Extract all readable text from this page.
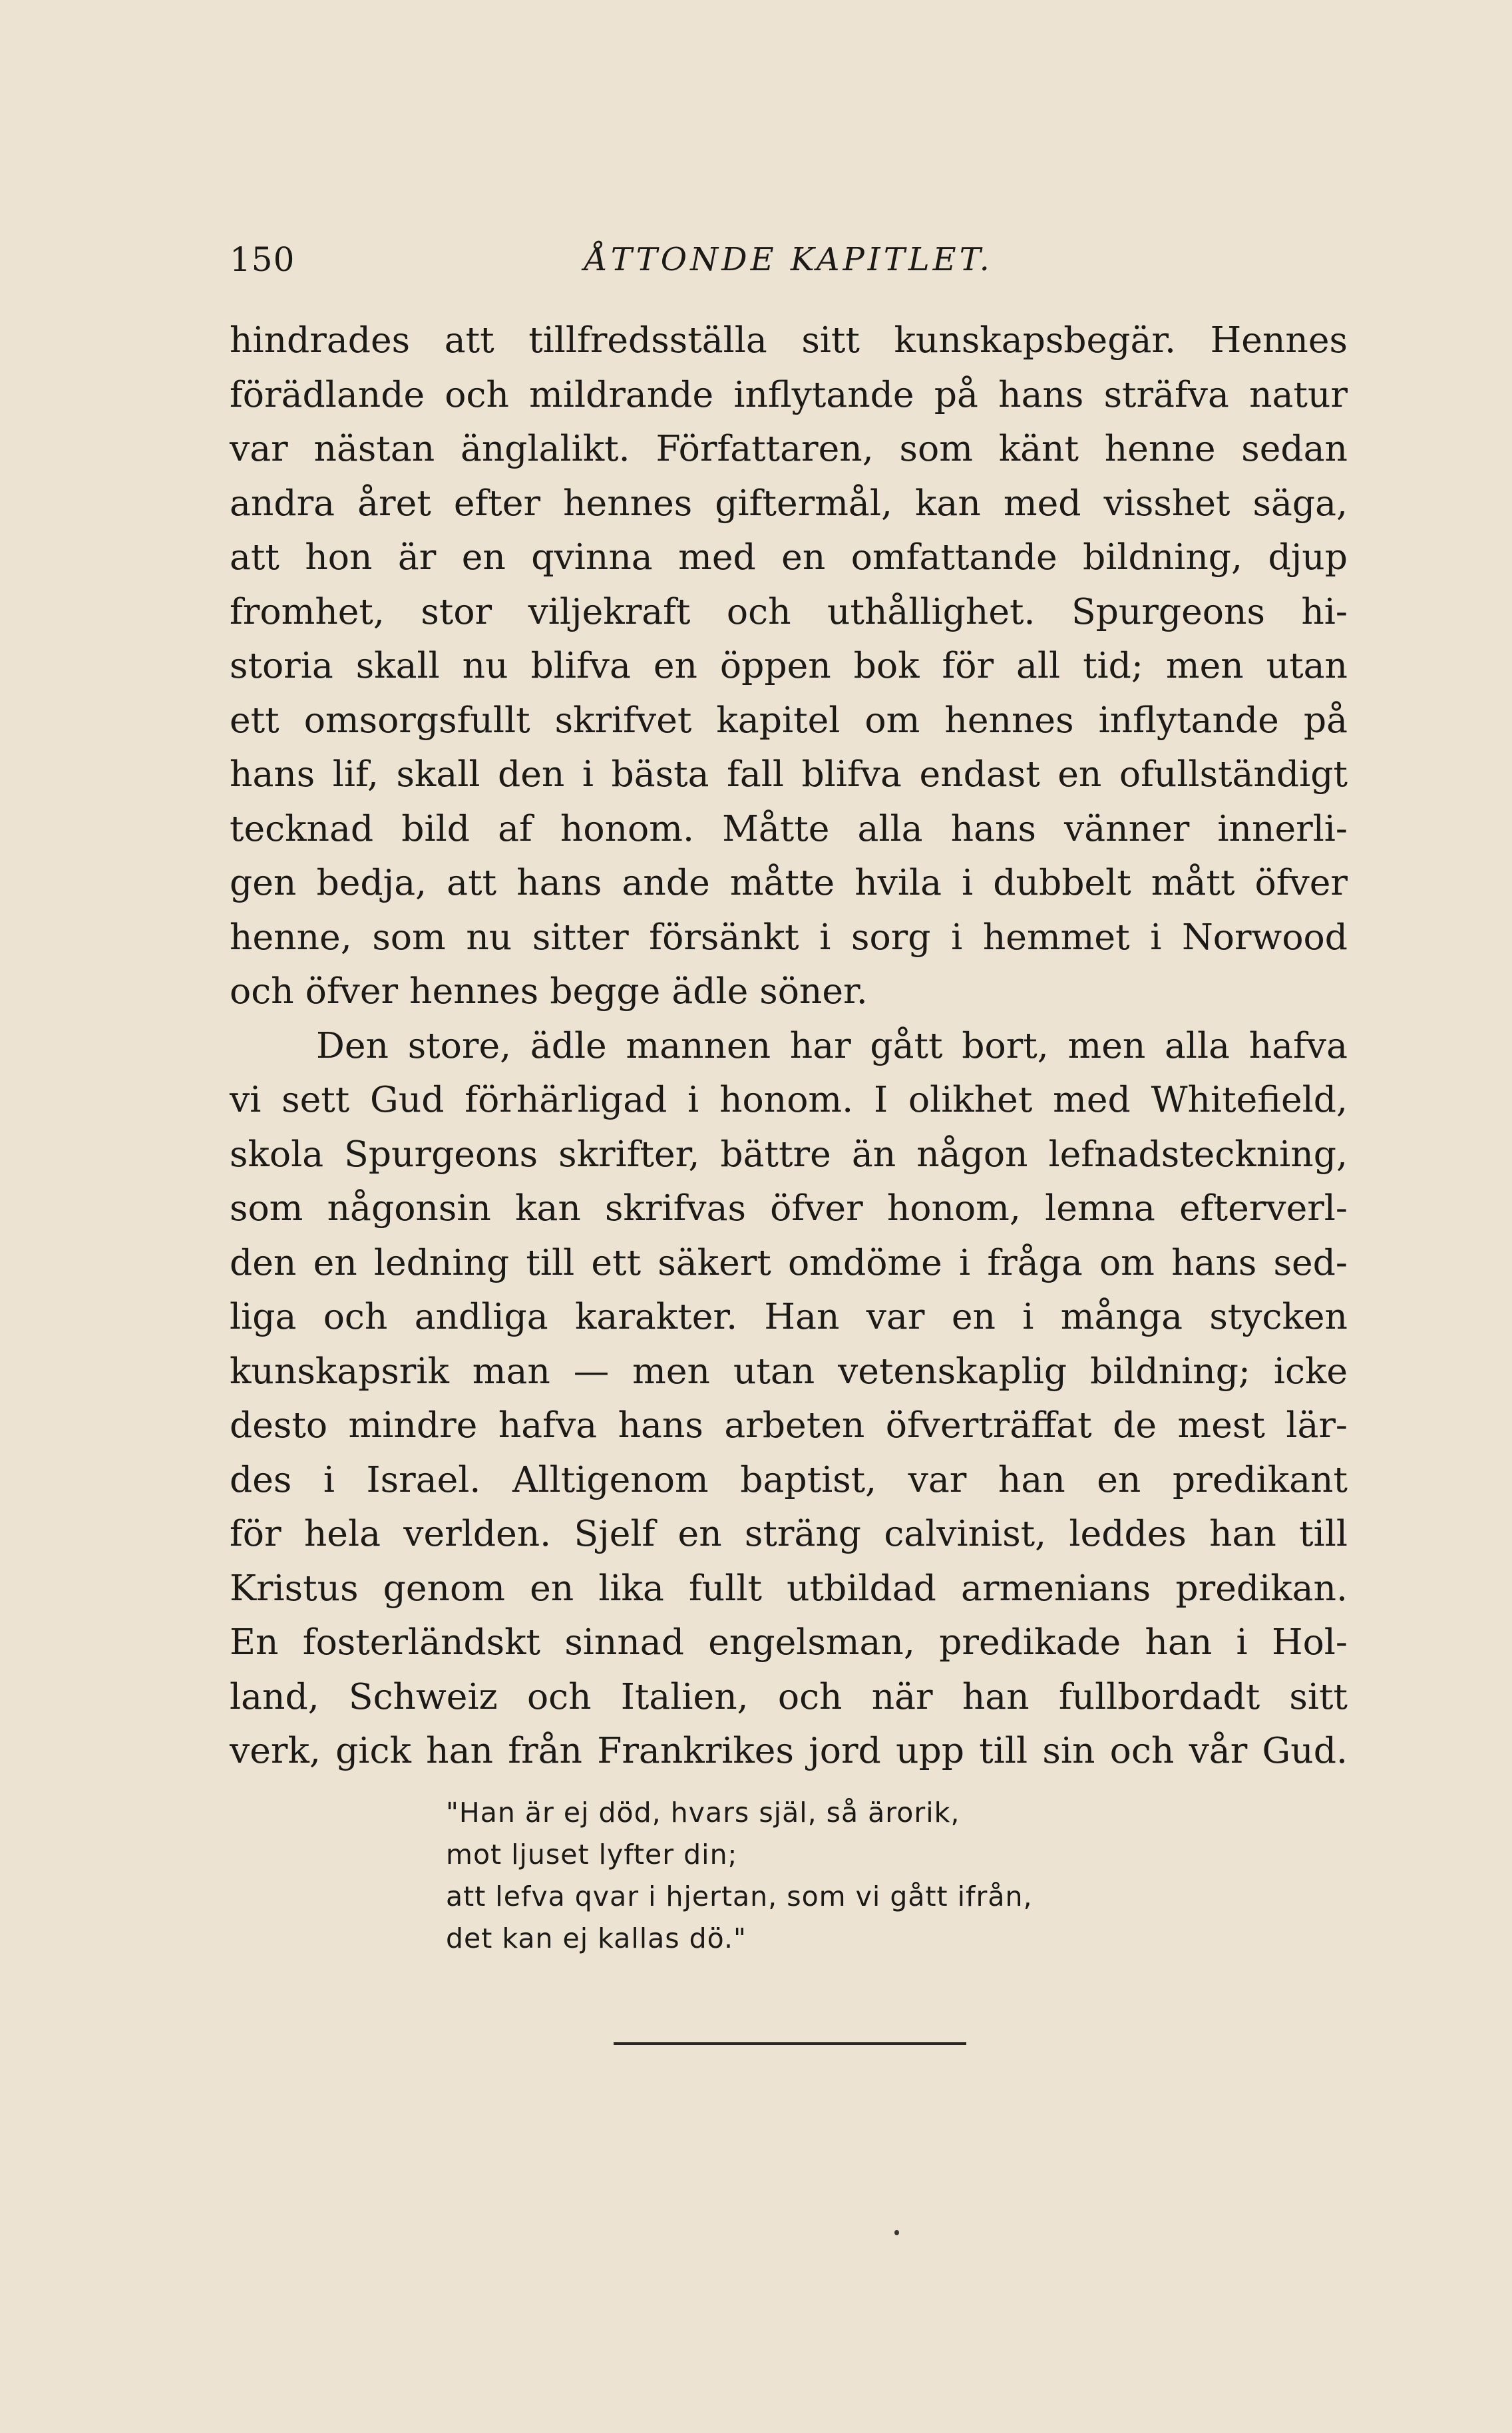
150	ÅTTONDE KAPITLET.
hindrades att tillfredsställa sitt kunskapsbegär. Hennes
förädlande och mildrande inflytande på hans sträfva natur
var nästan änglalikt. Författaren, som känt henne sedan
andra året efter hennes giftermål, kan med visshet säga,
att hon är en qvinna med en omfattande bildning, djup
fromhet, stor viljekraft och uthållighet. Spurgeons hi-
storia skall nu blifva en öppen bok för all tid; men utan
ett omsorgsfullt skrifvet kapitel om hennes inflytande på
hans lif, skall den i bästa fall blifva endast en ofullständigt
tecknad bild af honom. Måtte alla hans vänner innerli-
gen bedja, att hans ande måtte hvila i dubbelt mått öfver
henne, som nu sitter försänkt i sorg i hemmet i Norwood
och öfver hennes begge ädle söner.
Den store, ädle mannen har gått bort, men alla hafva
vi sett Gud förhärligad i honom. I olikhet med Whitefield,
skola Spurgeons skrifter, bättre än någon lefnadsteckning,
som någonsin kan skrifvas öfver honom, lemna efterverl-
den en ledning till ett säkert omdöme i fråga om hans sed-
liga och andliga karakter. Han var en i många stycken
kunskapsrik man — men utan vetenskaplig bildning; icke
desto mindre hafva hans arbeten öfverträffat de mest lär-
des i Israel. Alltigenom baptist, var han en predikant
för hela verlden. Sjelf en sträng calvinist, leddes han till
Kristus genom en lika fullt utbildad armenians predikan.
En fosterländskt sinnad engelsman, predikade han i Hol-
land, Schweiz och Italien, och när han fullbordadt sitt
verk, gick han från Frankrikes jord upp till sin och vår Gud.
"Han är ej död, hvars själ, så ärorik,
mot ljuset lyfter din;
att lefva qvar i hjertan, som vi gått ifrån,
det kan ej kallas dö."
